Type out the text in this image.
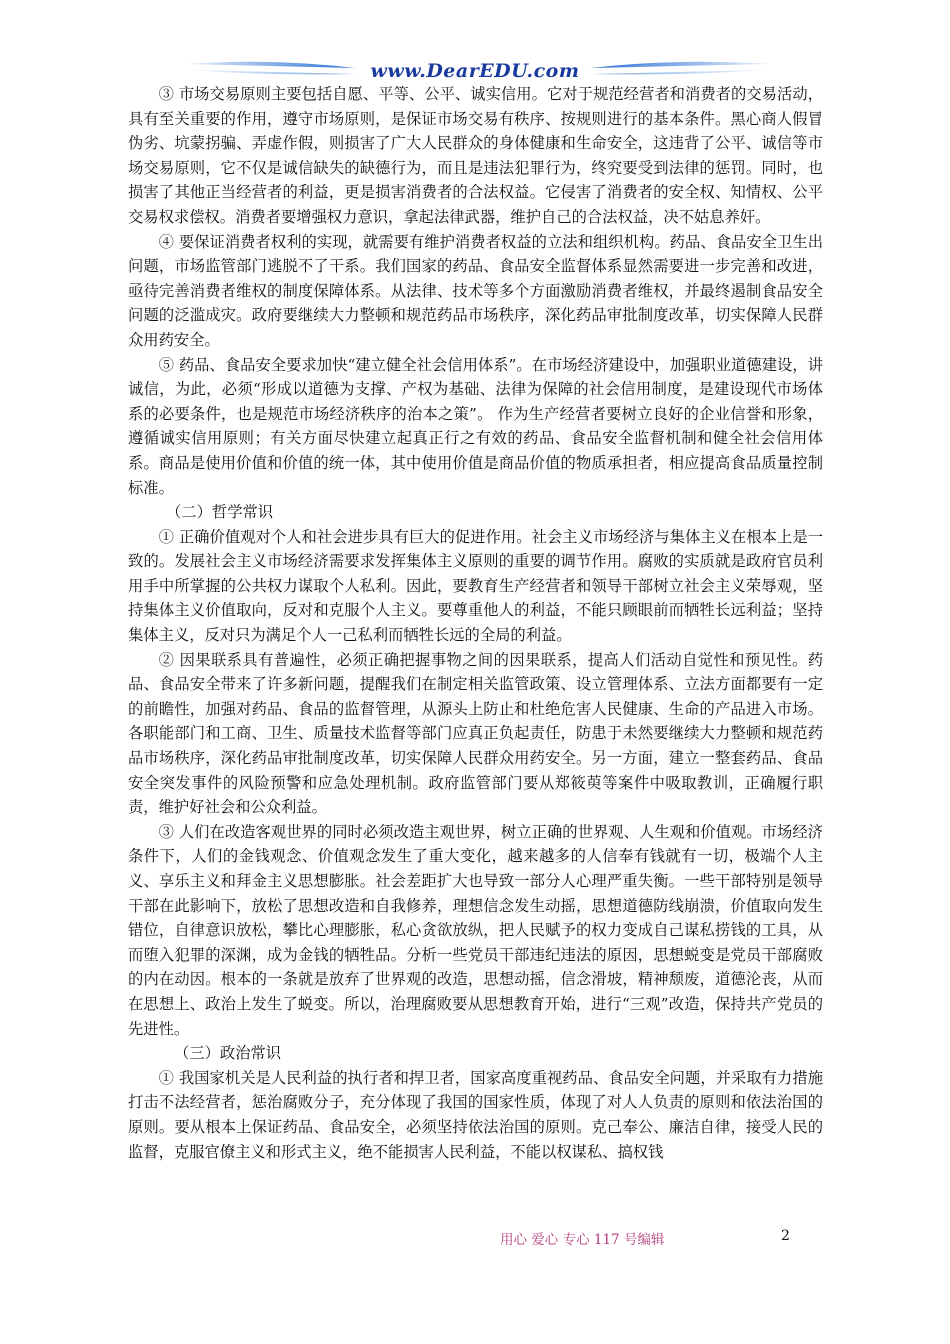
www.DearEDU.com

③ 市场交易原则主要包括自愿、平等、公平、诚实信用。它对于规范经营者和消费者的交易活动，具有至关重要的作用，遵守市场原则，是保证市场交易有秩序、按规则进行的基本条件。黑心商人假冒伪劣、坑蒙拐骗、弄虚作假，则损害了广大人民群众的身体健康和生命安全，这违背了公平、诚信等市场交易原则，它不仅是诚信缺失的缺德行为，而且是违法犯罪行为，终究要受到法律的惩罚。同时，也损害了其他正当经营者的利益，更是损害消费者的合法权益。它侵害了消费者的安全权、知情权、公平交易权求偿权。消费者要增强权力意识，拿起法律武器，维护自己的合法权益，决不姑息养奸。

④ 要保证消费者权利的实现，就需要有维护消费者权益的立法和组织机构。药品、食品安全卫生出问题，市场监管部门逃脱不了干系。我们国家的药品、食品安全监督体系显然需要进一步完善和改进，亟待完善消费者维权的制度保障体系。从法律、技术等多个方面激励消费者维权，并最终遏制食品安全问题的泛滥成灾。政府要继续大力整顿和规范药品市场秩序，深化药品审批制度改革，切实保障人民群众用药安全。

⑤ 药品、食品安全要求加快“建立健全社会信用体系”。在市场经济建设中，加强职业道德建设，讲诚信，为此，必须“形成以道德为支撑、产权为基础、法律为保障的社会信用制度，是建设现代市场体系的必要条件，也是规范市场经济秩序的治本之策”。 作为生产经营者要树立良好的企业信誉和形象，遵循诚实信用原则；有关方面尽快建立起真正行之有效的药品、食品安全监督机制和健全社会信用体系。商品是使用价值和价值的统一体，其中使用价值是商品价值的物质承担者，相应提高食品质量控制标准。

（二）哲学常识

① 正确价值观对个人和社会进步具有巨大的促进作用。社会主义市场经济与集体主义在根本上是一致的。发展社会主义市场经济需要求发挥集体主义原则的重要的调节作用。腐败的实质就是政府官员利用手中所掌握的公共权力谋取个人私利。因此，要教育生产经营者和领导干部树立社会主义荣辱观，坚持集体主义价值取向，反对和克服个人主义。要尊重他人的利益，不能只顾眼前而牺牲长远利益；坚持集体主义，反对只为满足个人一己私利而牺牲长远的全局的利益。

② 因果联系具有普遍性，必须正确把握事物之间的因果联系，提高人们活动自觉性和预见性。药品、食品安全带来了许多新问题，提醒我们在制定相关监管政策、设立管理体系、立法方面都要有一定的前瞻性，加强对药品、食品的监督管理，从源头上防止和杜绝危害人民健康、生命的产品进入市场。各职能部门和工商、卫生、质量技术监督等部门应真正负起责任，防患于未然要继续大力整顿和规范药品市场秩序，深化药品审批制度改革，切实保障人民群众用药安全。另一方面，建立一整套药品、食品安全突发事件的风险预警和应急处理机制。政府监管部门要从郑筱萸等案件中吸取教训，正确履行职责，维护好社会和公众利益。

③ 人们在改造客观世界的同时必须改造主观世界，树立正确的世界观、人生观和价值观。市场经济条件下，人们的金钱观念、价值观念发生了重大变化，越来越多的人信奉有钱就有一切，极端个人主义、享乐主义和拜金主义思想膨胀。社会差距扩大也导致一部分人心理严重失衡。一些干部特别是领导干部在此影响下，放松了思想改造和自我修养，理想信念发生动摇，思想道德防线崩溃，价值取向发生错位，自律意识放松，攀比心理膨胀，私心贪欲放纵，把人民赋予的权力变成自己谋私捞钱的工具，从而堕入犯罪的深渊，成为金钱的牺牲品。分析一些党员干部违纪违法的原因，思想蜕变是党员干部腐败的内在动因。根本的一条就是放弃了世界观的改造，思想动摇，信念滑坡，精神颓废，道德沦丧，从而在思想上、政治上发生了蜕变。所以，治理腐败要从思想教育开始，进行“三观”改造，保持共产党员的先进性。

（三）政治常识

① 我国家机关是人民利益的执行者和捍卫者，国家高度重视药品、食品安全问题，并采取有力措施打击不法经营者，惩治腐败分子，充分体现了我国的国家性质，体现了对人人负责的原则和依法治国的原则。要从根本上保证药品、食品安全，必须坚持依法治国的原则。克己奉公、廉洁自律，接受人民的监督，克服官僚主义和形式主义，绝不能损害人民利益，不能以权谋私、搞权钱

用心 爱心 专心 117 号编辑	2
